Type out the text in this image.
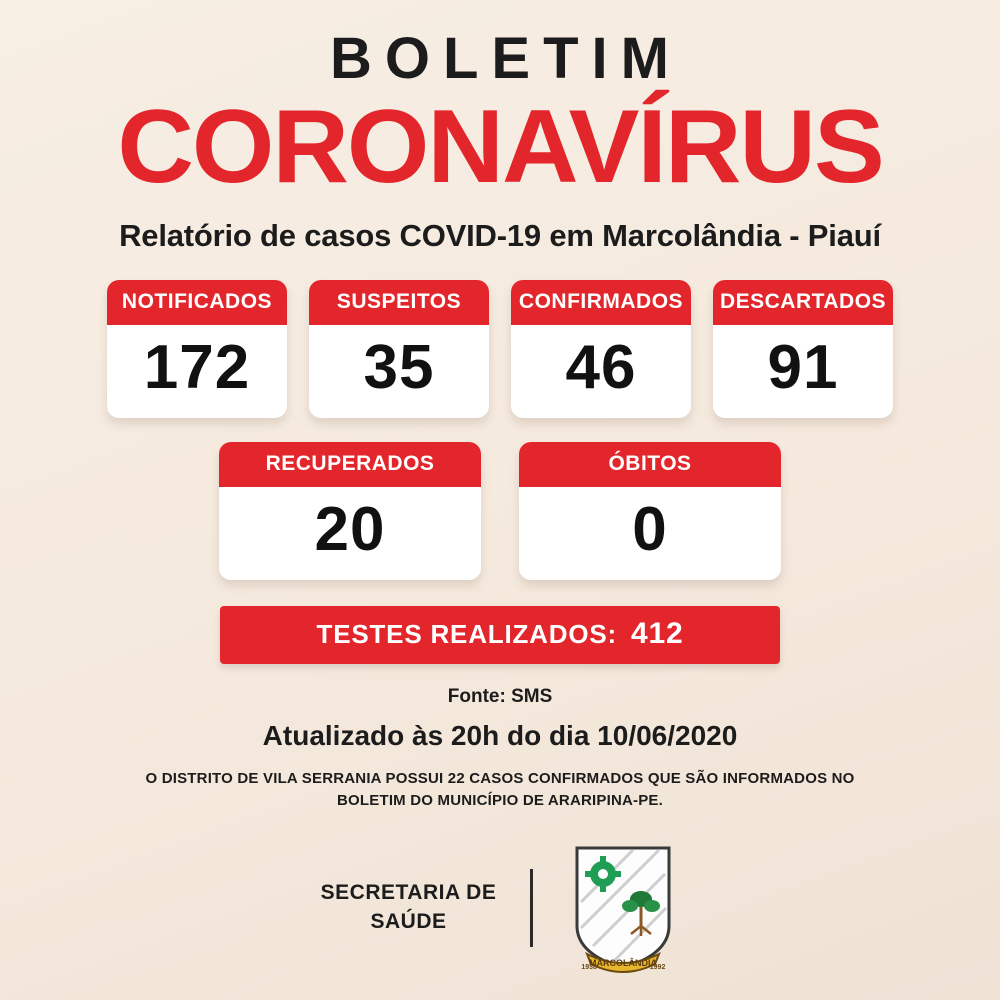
BOLETIM
CORONAVÍRUS
Relatório de casos COVID-19 em Marcolândia - Piauí
NOTIFICADOS
172
SUSPEITOS
35
CONFIRMADOS
46
DESCARTADOS
91
RECUPERADOS
20
ÓBITOS
0
TESTES REALIZADOS: 412
Fonte: SMS
Atualizado às 20h do dia 10/06/2020
O DISTRITO DE VILA SERRANIA POSSUI 22 CASOS CONFIRMADOS QUE SÃO INFORMADOS NO
BOLETIM DO MUNICÍPIO DE ARARIPINA-PE.
SECRETARIA DE
SAÚDE
MARCOLÂNDIA
1938	1992
